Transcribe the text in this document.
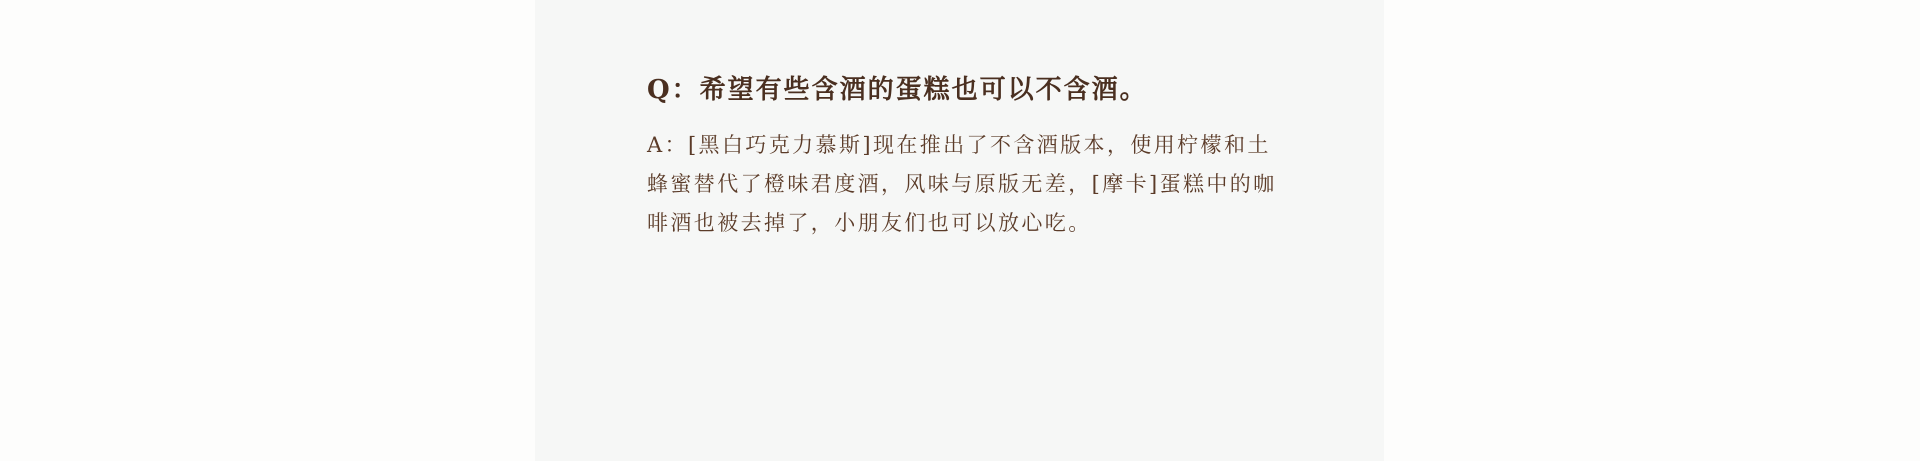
Q：希望有些含酒的蛋糕也可以不含酒。

A：[黑白巧克力慕斯]现在推出了不含酒版本，使用柠檬和土
蜂蜜替代了橙味君度酒，风味与原版无差，[摩卡]蛋糕中的咖
啡酒也被去掉了，小朋友们也可以放心吃。
